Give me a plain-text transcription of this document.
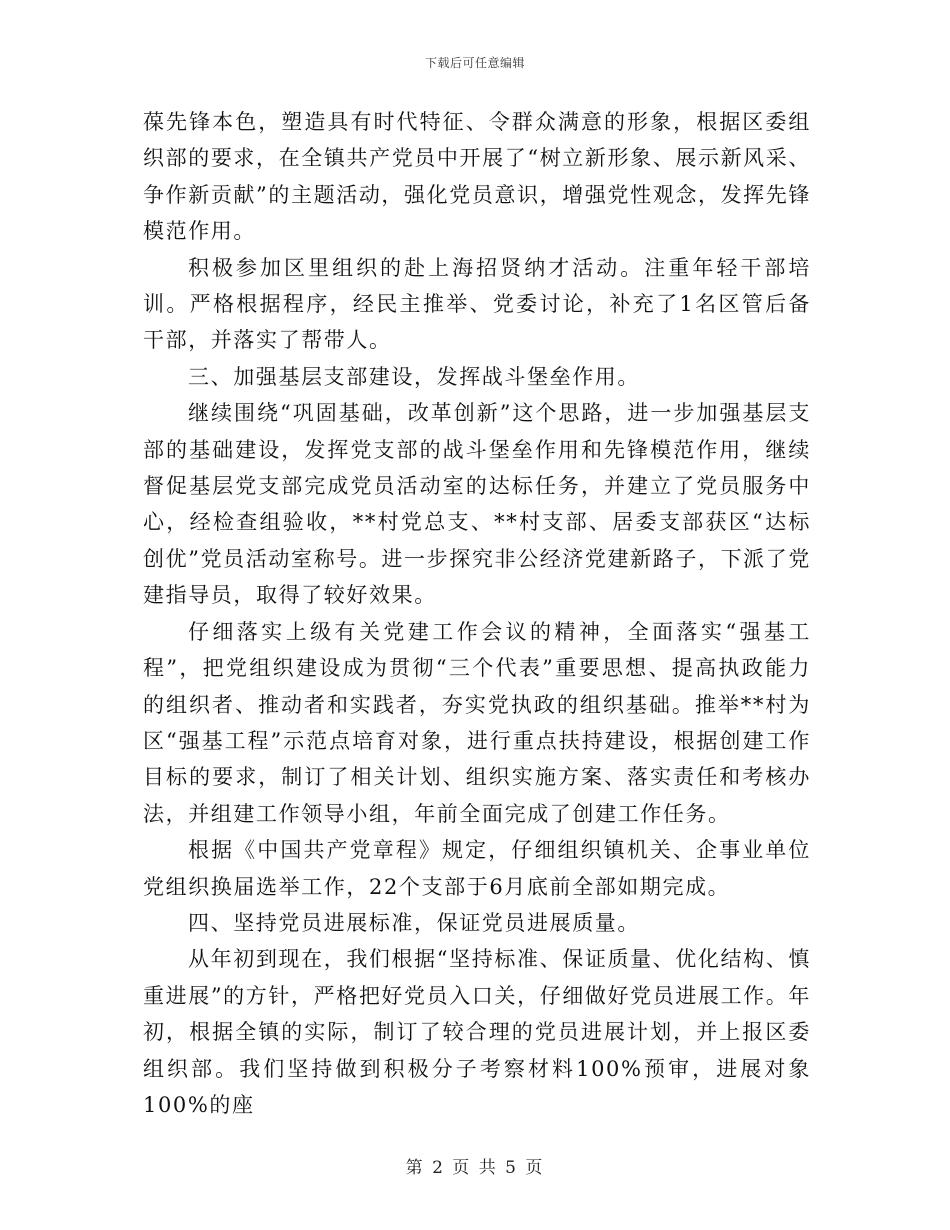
下载后可任意编辑

葆先锋本色，塑造具有时代特征、令群众满意的形象，根据区委组织部的要求，在全镇共产党员中开展了“树立新形象、展示新风采、争作新贡献”的主题活动，强化党员意识，增强党性观念，发挥先锋模范作用。

积极参加区里组织的赴上海招贤纳才活动。注重年轻干部培训。严格根据程序，经民主推举、党委讨论，补充了1名区管后备干部，并落实了帮带人。

三、加强基层支部建设，发挥战斗堡垒作用。

继续围绕“巩固基础，改革创新”这个思路，进一步加强基层支部的基础建设，发挥党支部的战斗堡垒作用和先锋模范作用，继续督促基层党支部完成党员活动室的达标任务，并建立了党员服务中心，经检查组验收，**村党总支、**村支部、居委支部获区“达标创优”党员活动室称号。进一步探究非公经济党建新路子，下派了党建指导员，取得了较好效果。

仔细落实上级有关党建工作会议的精神，全面落实“强基工程”，把党组织建设成为贯彻“三个代表”重要思想、提高执政能力的组织者、推动者和实践者，夯实党执政的组织基础。推举**村为区“强基工程”示范点培育对象，进行重点扶持建设，根据创建工作目标的要求，制订了相关计划、组织实施方案、落实责任和考核办法，并组建工作领导小组，年前全面完成了创建工作任务。

根据《中国共产党章程》规定，仔细组织镇机关、企事业单位党组织换届选举工作，22个支部于6月底前全部如期完成。

四、坚持党员进展标准，保证党员进展质量。

从年初到现在，我们根据“坚持标准、保证质量、优化结构、慎重进展”的方针，严格把好党员入口关，仔细做好党员进展工作。年初，根据全镇的实际，制订了较合理的党员进展计划，并上报区委组织部。我们坚持做到积极分子考察材料100%预审，进展对象100%的座

第 2 页 共 5 页
